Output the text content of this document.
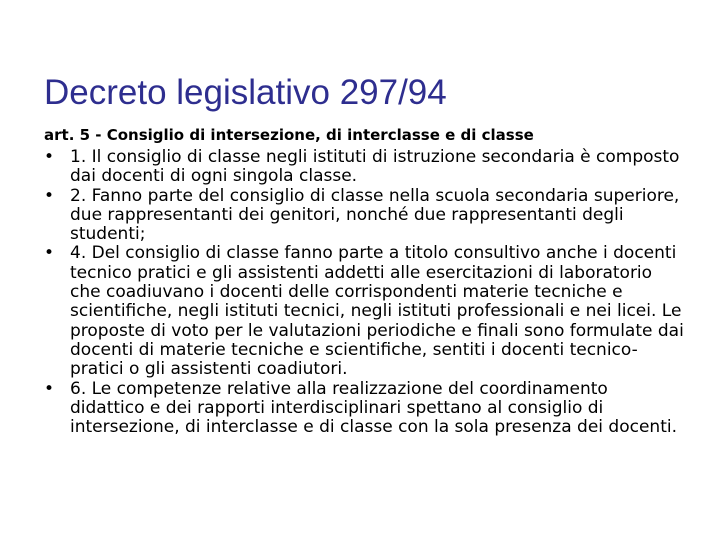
Decreto legislativo 297/94
art. 5 - Consiglio di intersezione, di interclasse e di classe
• 1. Il consiglio di classe negli istituti di istruzione secondaria è composto dai docenti di ogni singola classe.
• 2. Fanno parte del consiglio di classe nella scuola secondaria superiore, due rappresentanti dei genitori, nonché due rappresentanti degli studenti;
• 4. Del consiglio di classe fanno parte a titolo consultivo anche i docenti tecnico pratici e gli assistenti addetti alle esercitazioni di laboratorio che coadiuvano i docenti delle corrispondenti materie tecniche e scientifiche, negli istituti tecnici, negli istituti professionali e nei licei. Le proposte di voto per le valutazioni periodiche e finali sono formulate dai docenti di materie tecniche e scientifiche, sentiti i docenti tecnico-pratici o gli assistenti coadiutori.
• 6. Le competenze relative alla realizzazione del coordinamento didattico e dei rapporti interdisciplinari spettano al consiglio di intersezione, di interclasse e di classe con la sola presenza dei docenti.
